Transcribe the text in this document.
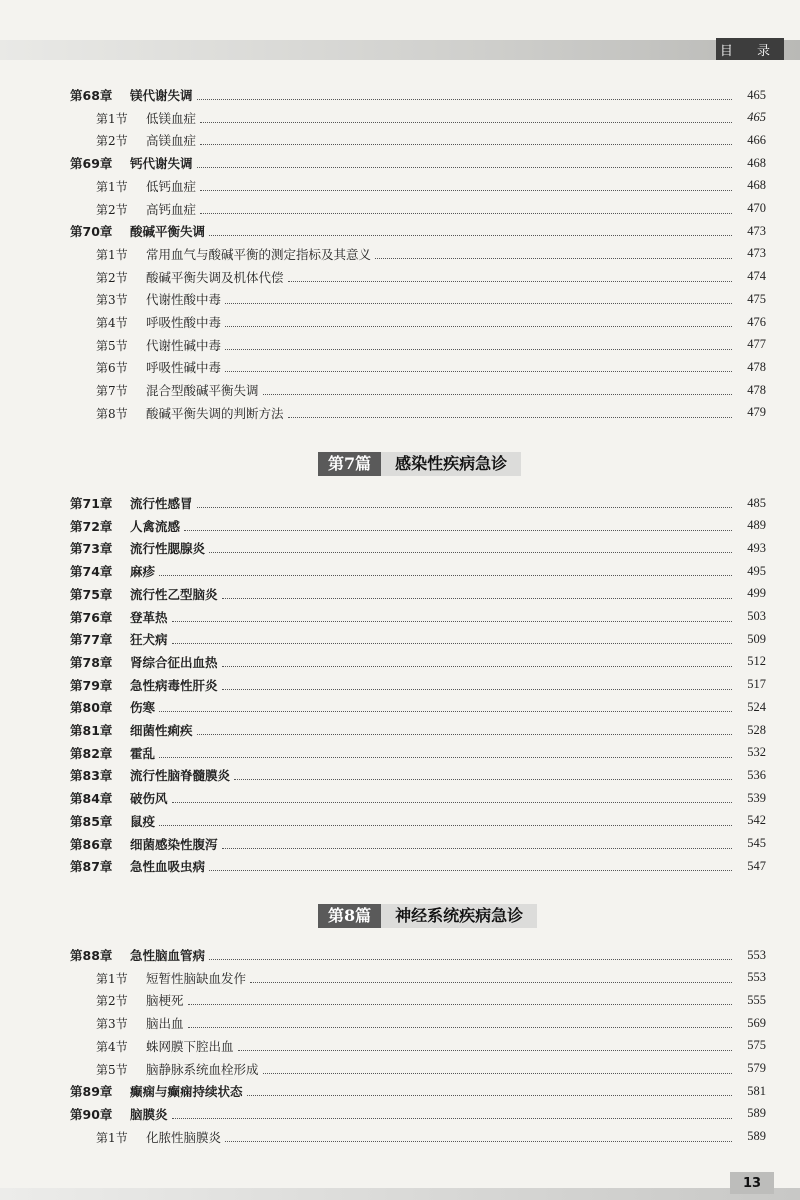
目 录
第68章 镁代谢失调	465
第1节 低镁血症	465
第2节 高镁血症	466
第69章 钙代谢失调	468
第1节 低钙血症	468
第2节 高钙血症	470
第70章 酸碱平衡失调	473
第1节 常用血气与酸碱平衡的测定指标及其意义	473
第2节 酸碱平衡失调及机体代偿	474
第3节 代谢性酸中毒	475
第4节 呼吸性酸中毒	476
第5节 代谢性碱中毒	477
第6节 呼吸性碱中毒	478
第7节 混合型酸碱平衡失调	478
第8节 酸碱平衡失调的判断方法	479
第7篇	感染性疾病急诊
第71章 流行性感冒	485
第72章 人禽流感	489
第73章 流行性腮腺炎	493
第74章 麻疹	495
第75章 流行性乙型脑炎	499
第76章 登革热	503
第77章 狂犬病	509
第78章 肾综合征出血热	512
第79章 急性病毒性肝炎	517
第80章 伤寒	524
第81章 细菌性痢疾	528
第82章 霍乱	532
第83章 流行性脑脊髓膜炎	536
第84章 破伤风	539
第85章 鼠疫	542
第86章 细菌感染性腹泻	545
第87章 急性血吸虫病	547
第8篇	神经系统疾病急诊
第88章 急性脑血管病	553
第1节 短暂性脑缺血发作	553
第2节 脑梗死	555
第3节 脑出血	569
第4节 蛛网膜下腔出血	575
第5节 脑静脉系统血栓形成	579
第89章 癫痫与癫痫持续状态	581
第90章 脑膜炎	589
第1节 化脓性脑膜炎	589
13
